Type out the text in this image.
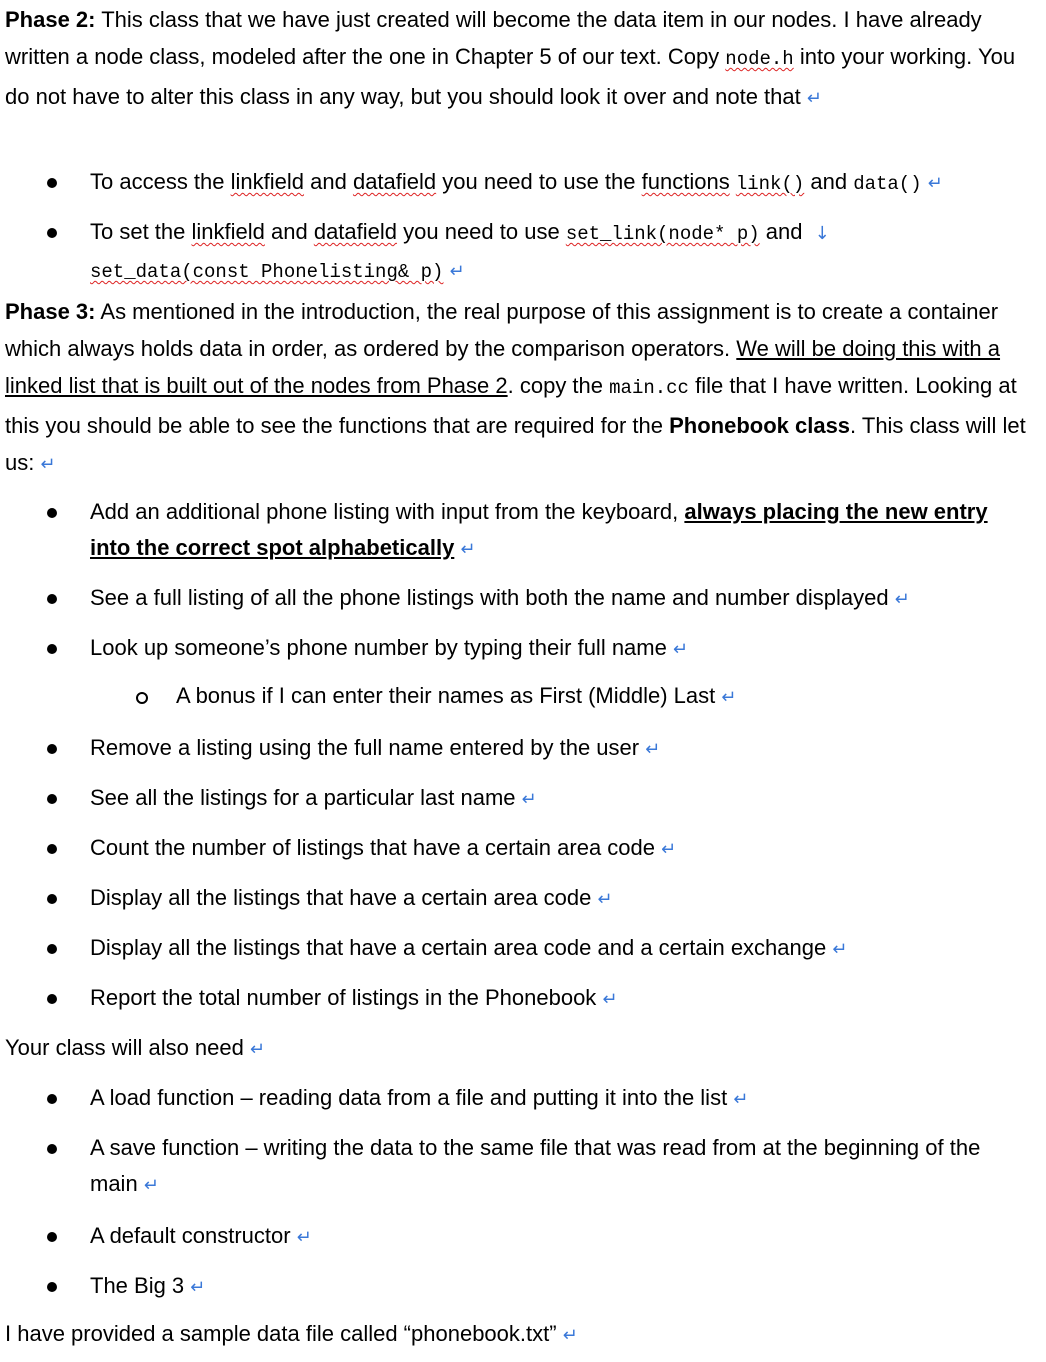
Phase 2: This class that we have just created will become the data item in our nodes. I have already written a node class, modeled after the one in Chapter 5 of our text. Copy node.h into your working. You do not have to alter this class in any way, but you should look it over and note that ↵

To access the linkfield and datafield you need to use the functions link() and data() ↵

To set the linkfield and datafield you need to use set_link(node* p) and ↓
set_data(const Phonelisting& p) ↵

Phase 3: As mentioned in the introduction, the real purpose of this assignment is to create a container which always holds data in order, as ordered by the comparison operators. We will be doing this with a linked list that is built out of the nodes from Phase 2. copy the main.cc file that I have written. Looking at this you should be able to see the functions that are required for the Phonebook class. This class will let us: ↵

Add an additional phone listing with input from the keyboard, always placing the new entry into the correct spot alphabetically ↵

See a full listing of all the phone listings with both the name and number displayed ↵

Look up someone’s phone number by typing their full name ↵

A bonus if I can enter their names as First (Middle) Last ↵

Remove a listing using the full name entered by the user ↵

See all the listings for a particular last name ↵

Count the number of listings that have a certain area code ↵

Display all the listings that have a certain area code ↵

Display all the listings that have a certain area code and a certain exchange ↵

Report the total number of listings in the Phonebook ↵

Your class will also need ↵

A load function – reading data from a file and putting it into the list ↵

A save function – writing the data to the same file that was read from at the beginning of the main ↵

A default constructor ↵

The Big 3 ↵

I have provided a sample data file called “phonebook.txt” ↵
